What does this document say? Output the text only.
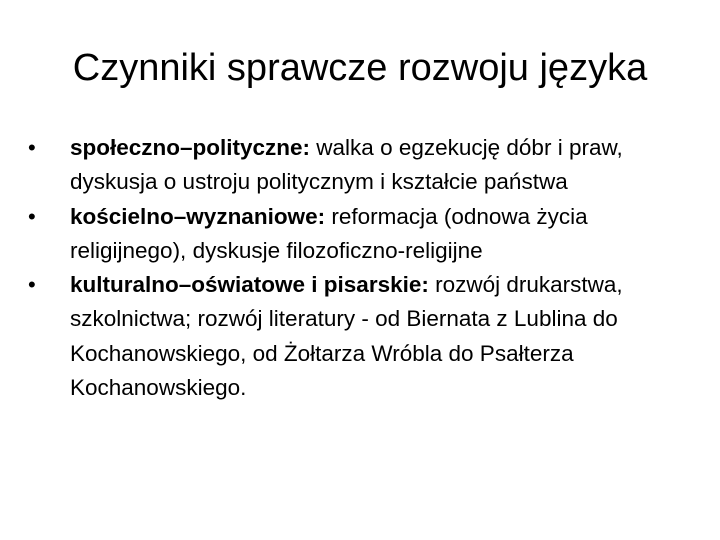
Czynniki sprawcze rozwoju języka
•	społeczno–polityczne: walka o egzekucję dóbr i praw, dyskusja o ustroju politycznym i kształcie państwa
•	kościelno–wyznaniowe: reformacja (odnowa życia religijnego), dyskusje filozoficzno-religijne
•	kulturalno–oświatowe i pisarskie: rozwój drukarstwa, szkolnictwa; rozwój literatury - od Biernata z Lublina do Kochanowskiego, od Żołtarza Wróbla do Psałterza Kochanowskiego.
